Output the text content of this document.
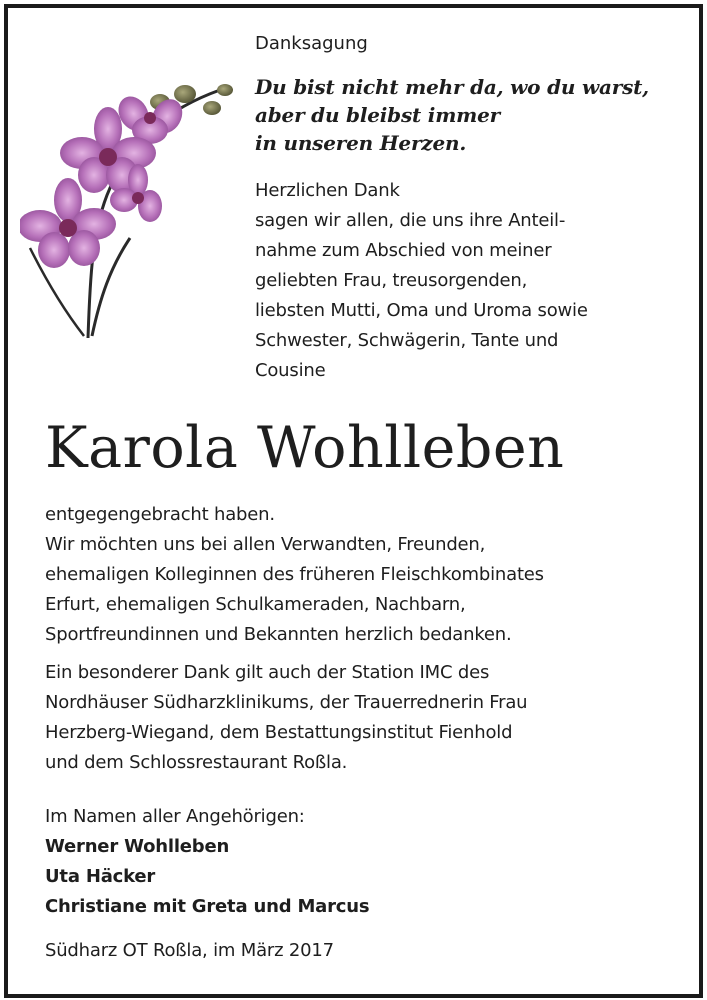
Danksagung
Du bist nicht mehr da, wo du warst,
aber du bleibst immer
in unseren Herzen.
Herzlichen Dank
sagen wir allen, die uns ihre Anteil-
nahme zum Abschied von meiner
geliebten Frau, treusorgenden,
liebsten Mutti, Oma und Uroma sowie
Schwester, Schwägerin, Tante und
Cousine
Karola Wohlleben

entgegengebracht haben.
Wir möchten uns bei allen Verwandten, Freunden,
ehemaligen Kolleginnen des früheren Fleischkombinates
Erfurt, ehemaligen Schulkameraden, Nachbarn,
Sportfreundinnen und Bekannten herzlich bedanken.

Ein besonderer Dank gilt auch der Station IMC des
Nordhäuser Südharzklinikums, der Trauerrednerin Frau
Herzberg-Wiegand, dem Bestattungsinstitut Fienhold
und dem Schlossrestaurant Roßla.

Im Namen aller Angehörigen:
Werner Wohlleben
Uta Häcker
Christiane mit Greta und Marcus
Südharz OT Roßla, im März 2017
